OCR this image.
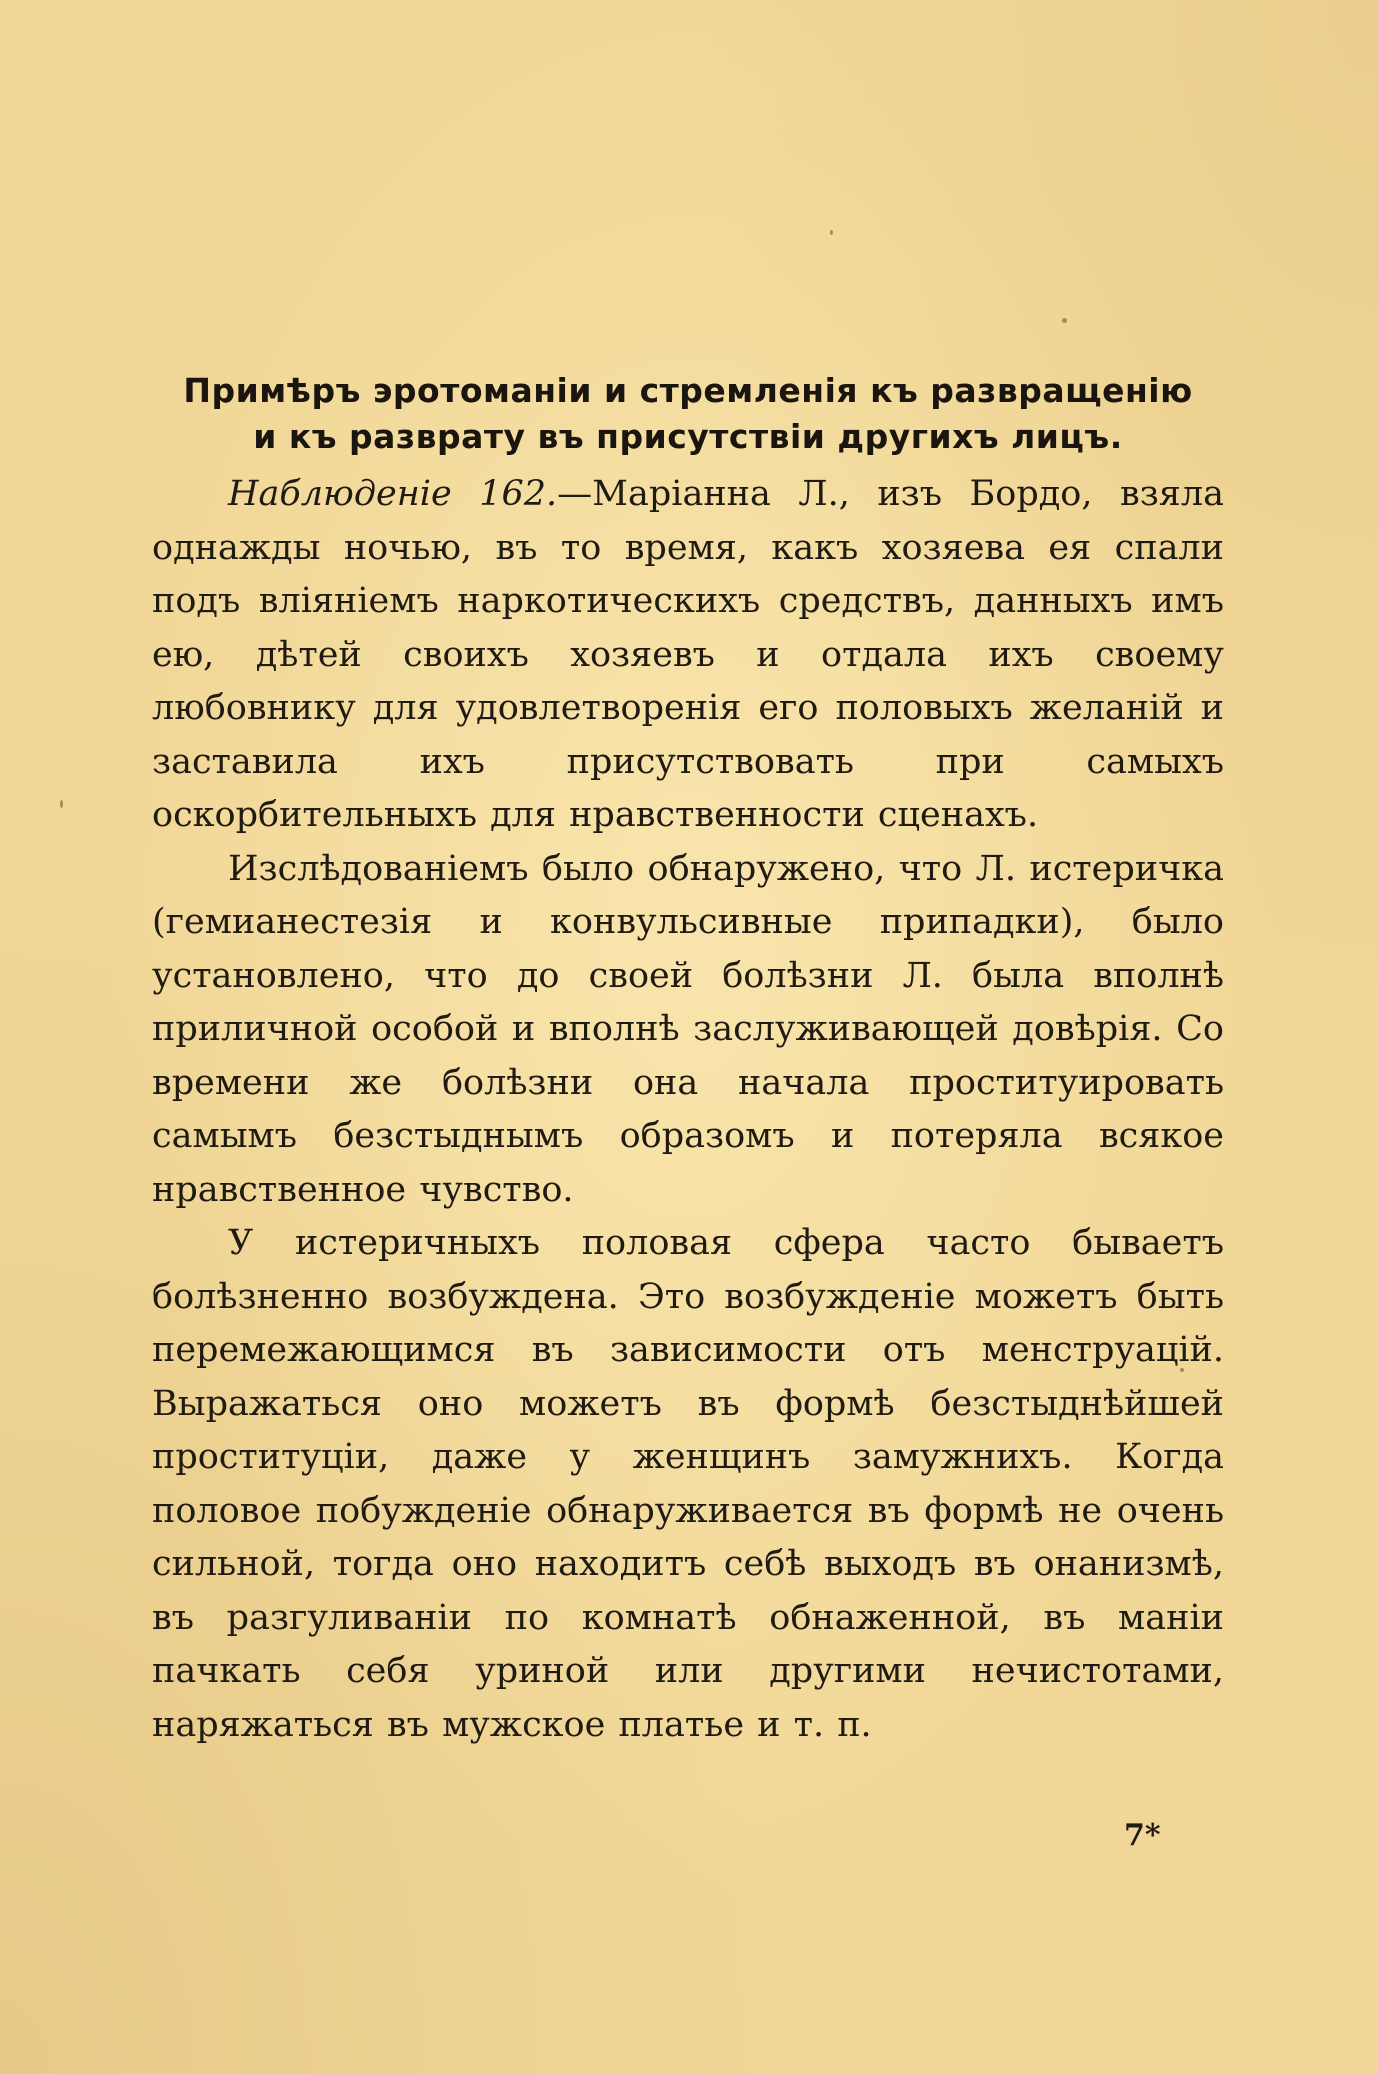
Примѣръ эротоманіи и стремленія къ развращенію
и къ разврату въ присутствіи другихъ лицъ.

Наблюденіе 162.—Маріанна Л., изъ Бордо, взяла однажды ночью, въ то время, какъ хозяева ея спали подъ вліяніемъ наркотическихъ средствъ, данныхъ имъ ею, дѣтей своихъ хозяевъ и отдала ихъ своему любовнику для удовлетворенія его половыхъ желаній и заставила ихъ присутствовать при самыхъ оскорбительныхъ для нравственности сценахъ.

Изслѣдованіемъ было обнаружено, что Л. истеричка (гемианестезія и конвульсивные припадки), было установлено, что до своей болѣзни Л. была вполнѣ приличной особой и вполнѣ заслуживающей довѣрія. Со времени же болѣзни она начала проституировать самымъ безстыднымъ образомъ и потеряла всякое нравственное чувство.

У истеричныхъ половая сфера часто бываетъ болѣзненно возбуждена. Это возбужденіе можетъ быть перемежающимся въ зависимости отъ менструацій. Выражаться оно можетъ въ формѣ безстыднѣйшей проституціи, даже у женщинъ замужнихъ. Когда половое побужденіе обнаруживается въ формѣ не очень сильной, тогда оно находитъ себѣ выходъ въ онанизмѣ, въ разгуливаніи по комнатѣ обнаженной, въ маніи пачкать себя уриной или другими нечистотами, наряжаться въ мужское платье и т. п.

7*
